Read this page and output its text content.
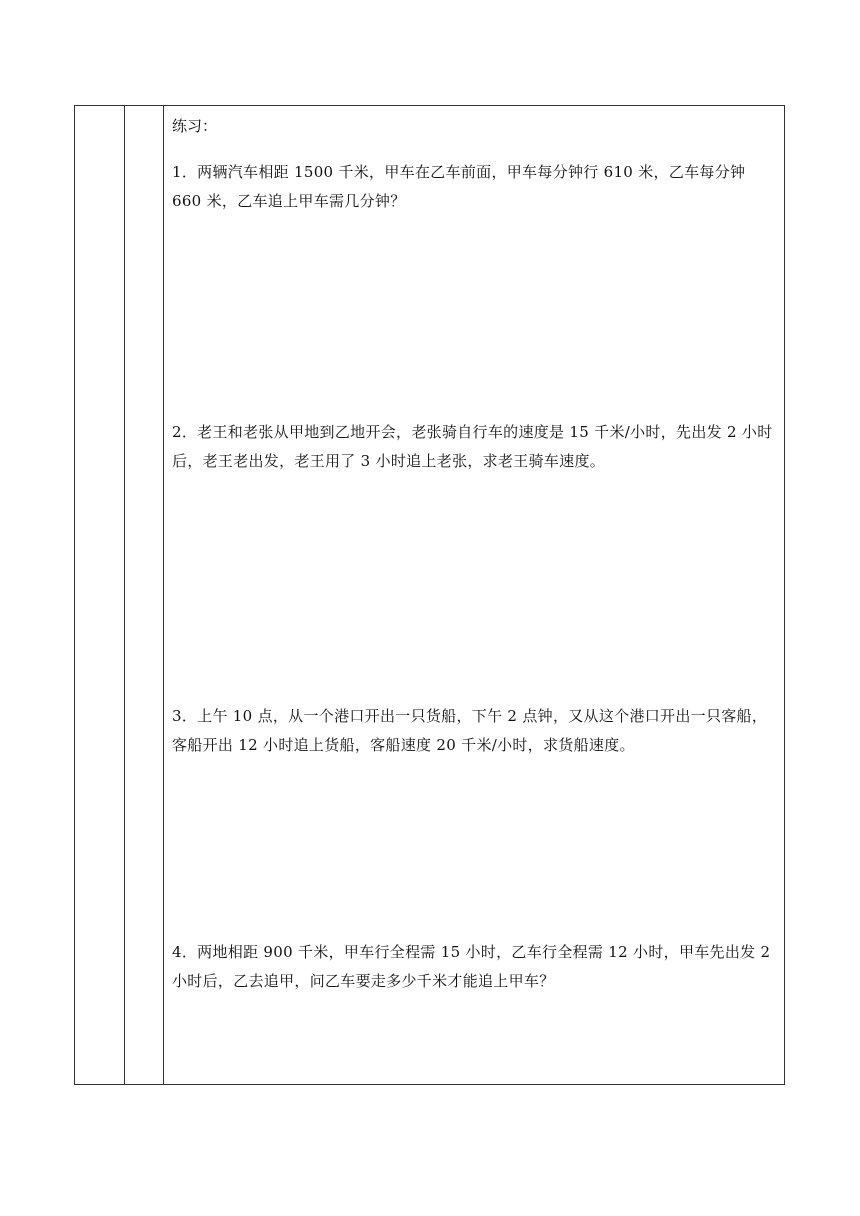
练习：

1．两辆汽车相距 1500 千米，甲车在乙车前面，甲车每分钟行 610 米，乙车每分钟 660 米，乙车追上甲车需几分钟？

2．老王和老张从甲地到乙地开会，老张骑自行车的速度是 15 千米/小时，先出发 2 小时后，老王老出发，老王用了 3 小时追上老张，求老王骑车速度。

3．上午 10 点，从一个港口开出一只货船，下午 2 点钟，又从这个港口开出一只客船，客船开出 12 小时追上货船，客船速度 20 千米/小时，求货船速度。

4．两地相距 900 千米，甲车行全程需 15 小时，乙车行全程需 12 小时，甲车先出发 2 小时后，乙去追甲，问乙车要走多少千米才能追上甲车？
